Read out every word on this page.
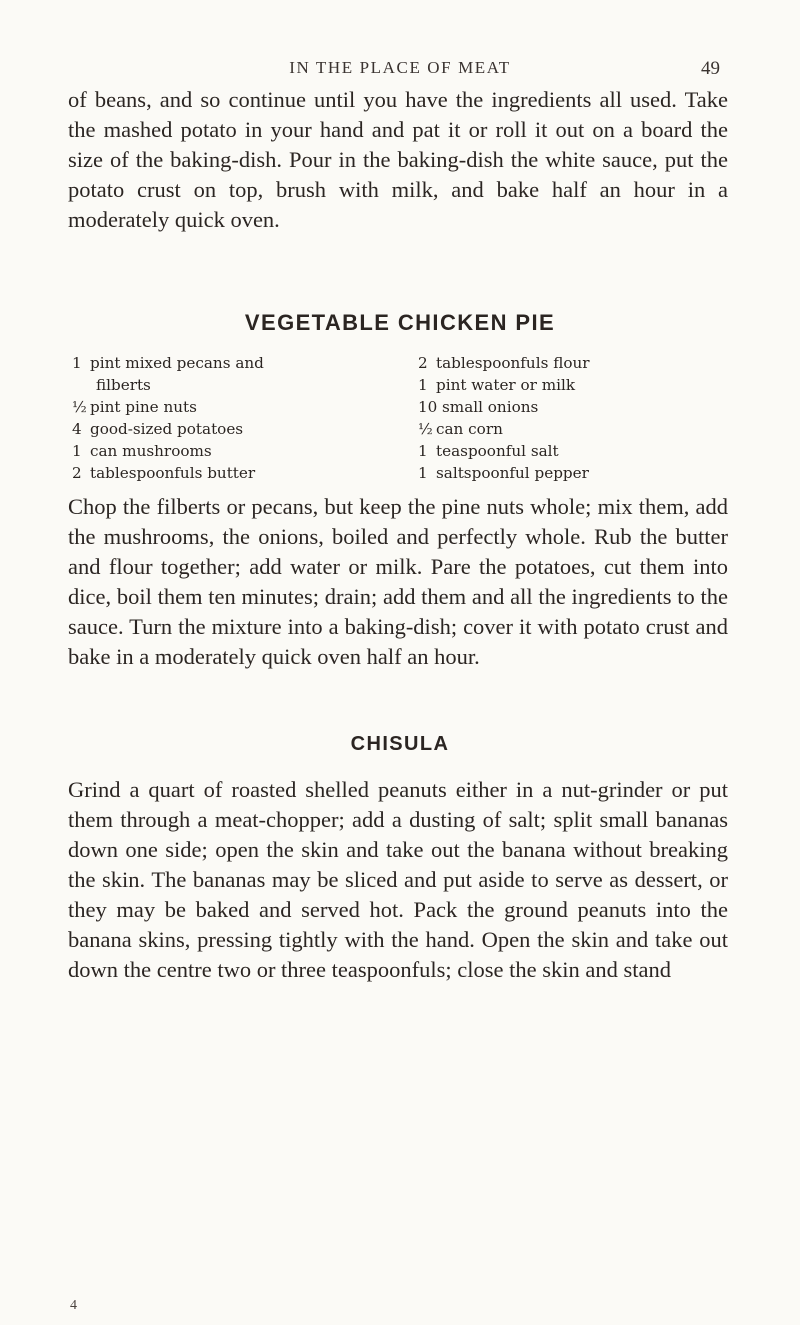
IN THE PLACE OF MEAT	49

of beans, and so continue until you have the ingredients all used. Take the mashed potato in your hand and pat it or roll it out on a board the size of the baking-dish. Pour in the baking-dish the white sauce, put the potato crust on top, brush with milk, and bake half an hour in a moderately quick oven.

VEGETABLE CHICKEN PIE
1 pint mixed pecans and
filberts
½ pint pine nuts
4 good-sized potatoes
1 can mushrooms
2 tablespoonfuls butter
2 tablespoonfuls flour
1 pint water or milk
10 small onions
½ can corn
1 teaspoonful salt
1 saltspoonful pepper

Chop the filberts or pecans, but keep the pine nuts whole; mix them, add the mushrooms, the onions, boiled and perfectly whole. Rub the butter and flour together; add water or milk. Pare the potatoes, cut them into dice, boil them ten minutes; drain; add them and all the ingredients to the sauce. Turn the mixture into a baking-dish; cover it with potato crust and bake in a moderately quick oven half an hour.

CHISULA

Grind a quart of roasted shelled peanuts either in a nut-grinder or put them through a meat-chopper; add a dusting of salt; split small bananas down one side; open the skin and take out the banana without breaking the skin. The bananas may be sliced and put aside to serve as dessert, or they may be baked and served hot. Pack the ground peanuts into the banana skins, pressing tightly with the hand. Open the skin and take out down the centre two or three teaspoonfuls; close the skin and stand

4
